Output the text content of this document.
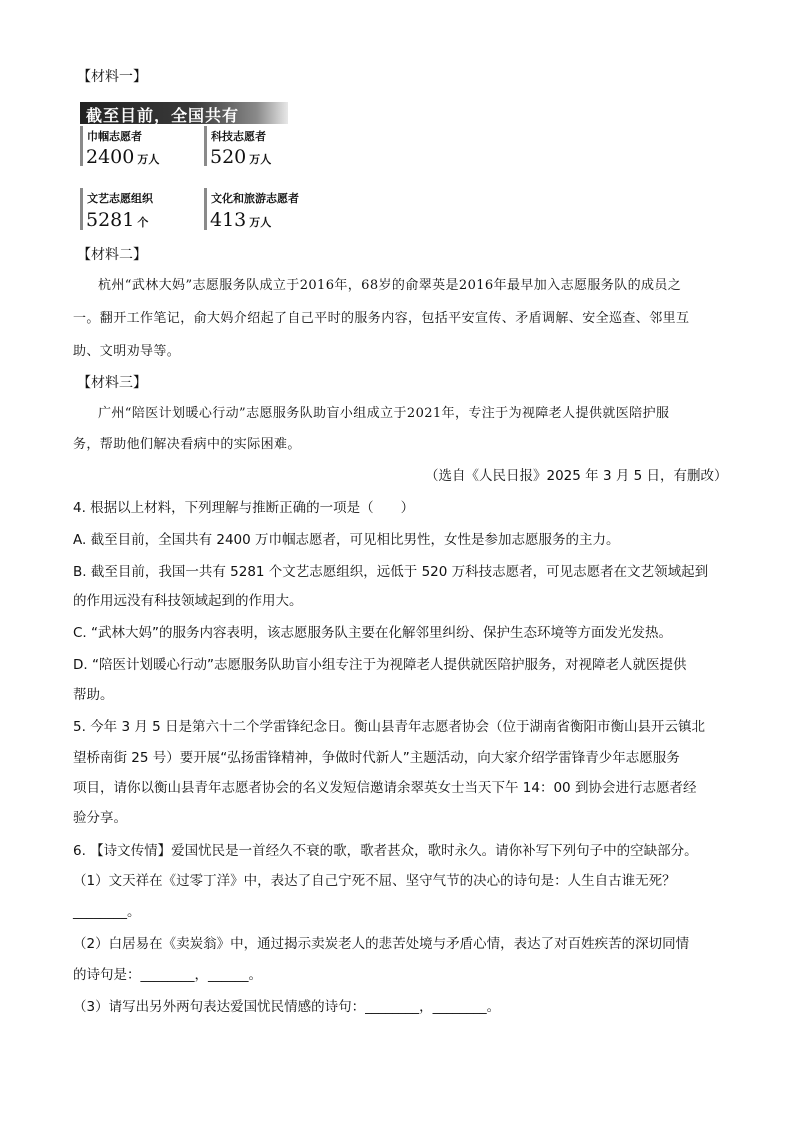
【材料一】
截至目前，全国共有
巾帼志愿者
2400 万人
科技志愿者
520 万人
文艺志愿组织
5281 个
文化和旅游志愿者
413 万人
【材料二】
杭州“武林大妈”志愿服务队成立于2016年，68岁的俞翠英是2016年最早加入志愿服务队的成员之
一。翻开工作笔记，俞大妈介绍起了自己平时的服务内容，包括平安宣传、矛盾调解、安全巡查、邻里互
助、文明劝导等。
【材料三】
广州“陪医计划暖心行动”志愿服务队助盲小组成立于2021年，专注于为视障老人提供就医陪护服
务，帮助他们解决看病中的实际困难。
（选自《人民日报》2025 年 3 月 5 日，有删改）
4. 根据以上材料，下列理解与推断正确的一项是（　　）
A. 截至目前，全国共有 2400 万巾帼志愿者，可见相比男性，女性是参加志愿服务的主力。
B. 截至目前，我国一共有 5281 个文艺志愿组织，远低于 520 万科技志愿者，可见志愿者在文艺领域起到
的作用远没有科技领域起到的作用大。
C. “武林大妈”的服务内容表明，该志愿服务队主要在化解邻里纠纷、保护生态环境等方面发光发热。
D. “陪医计划暖心行动”志愿服务队助盲小组专注于为视障老人提供就医陪护服务，对视障老人就医提供
帮助。
5. 今年 3 月 5 日是第六十二个学雷锋纪念日。衡山县青年志愿者协会（位于湖南省衡阳市衡山县开云镇北
望桥南街 25 号）要开展“弘扬雷锋精神，争做时代新人”主题活动，向大家介绍学雷锋青少年志愿服务
项目，请你以衡山县青年志愿者协会的名义发短信邀请余翠英女士当天下午 14：00 到协会进行志愿者经
验分享。
6. 【诗文传情】爱国忧民是一首经久不衰的歌，歌者甚众，歌时永久。请你补写下列句子中的空缺部分。
（1）文天祥在《过零丁洋》中，表达了自己宁死不屈、坚守气节的决心的诗句是：人生自古谁无死？
________。
（2）白居易在《卖炭翁》中，通过揭示卖炭老人的悲苦处境与矛盾心情，表达了对百姓疾苦的深切同情
的诗句是：________，______。
（3）请写出另外两句表达爱国忧民情感的诗句：________，________。
